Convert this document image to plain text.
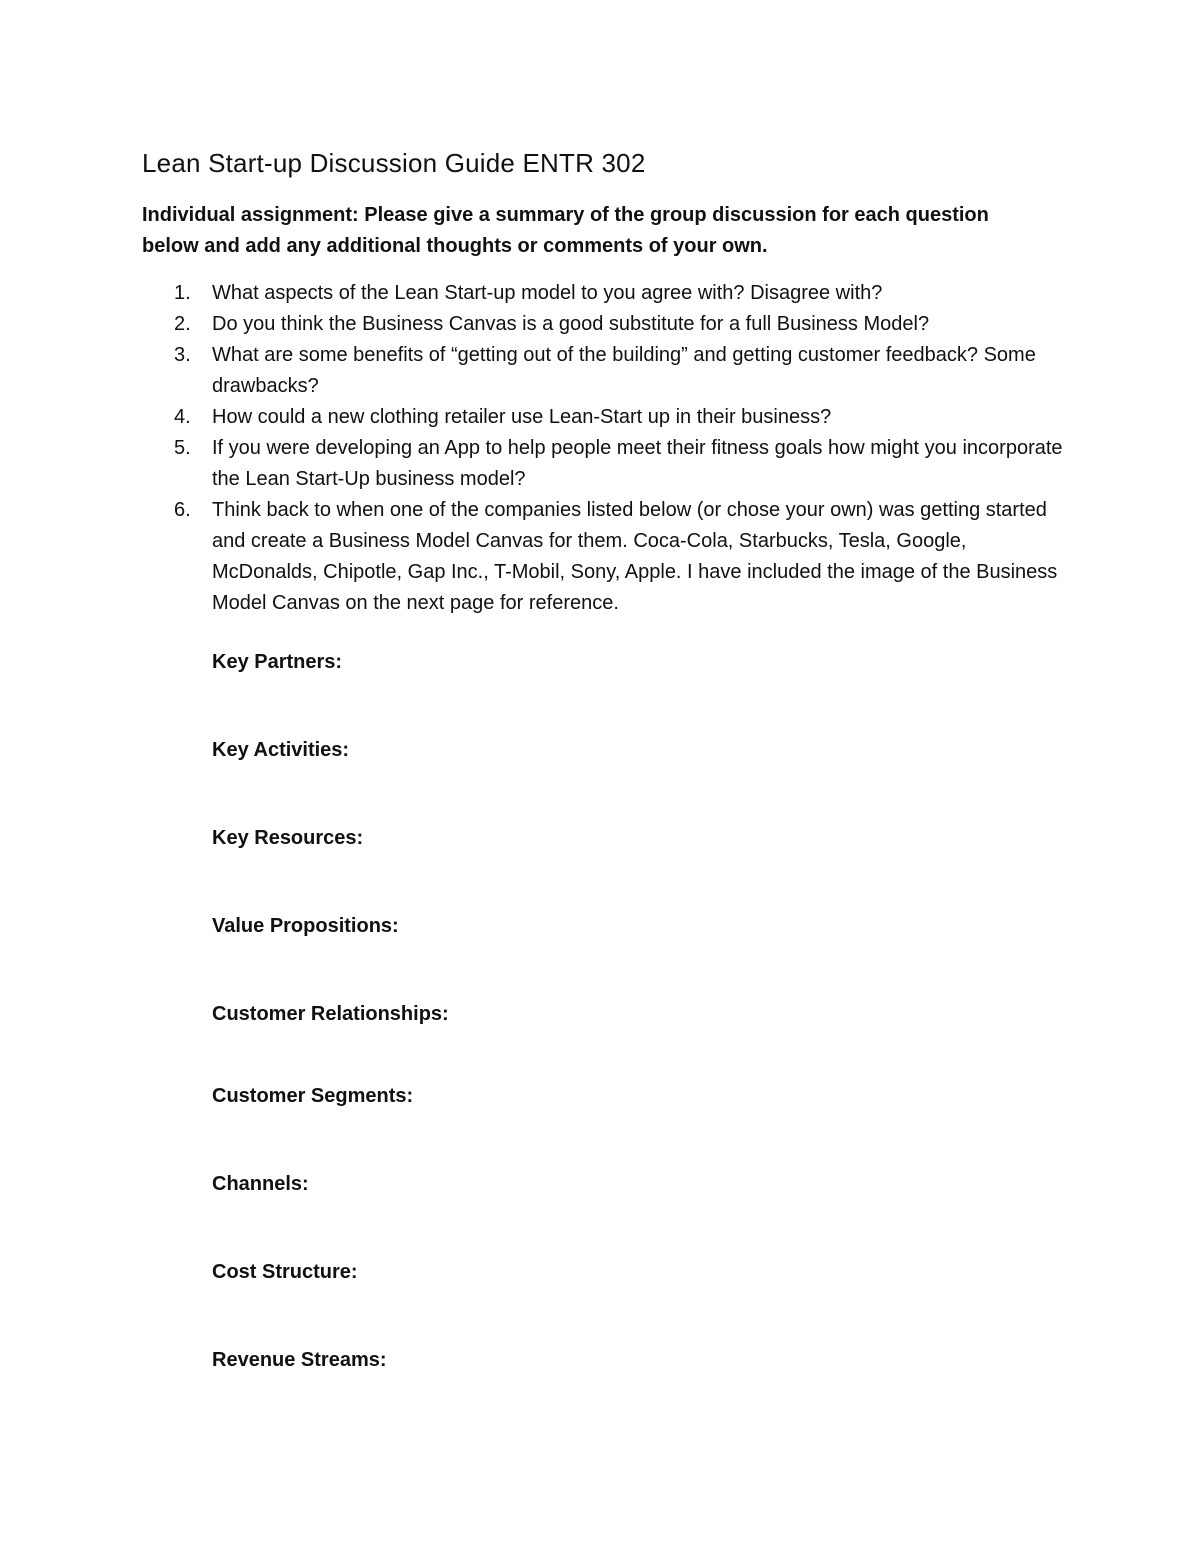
Lean Start-up Discussion Guide ENTR 302

Individual assignment: Please give a summary of the group discussion for each question below and add any additional thoughts or comments of your own.

1. What aspects of the Lean Start-up model to you agree with? Disagree with?
2. Do you think the Business Canvas is a good substitute for a full Business Model?
3. What are some benefits of “getting out of the building” and getting customer feedback? Some drawbacks?
4. How could a new clothing retailer use Lean-Start up in their business?
5. If you were developing an App to help people meet their fitness goals how might you incorporate the Lean Start-Up business model?
6. Think back to when one of the companies listed below (or chose your own) was getting started and create a Business Model Canvas for them. Coca-Cola, Starbucks, Tesla, Google, McDonalds, Chipotle, Gap Inc., T-Mobil, Sony, Apple. I have included the image of the Business Model Canvas on the next page for reference.

Key Partners:

Key Activities:

Key Resources:

Value Propositions:

Customer Relationships:

Customer Segments:

Channels:

Cost Structure:

Revenue Streams:
